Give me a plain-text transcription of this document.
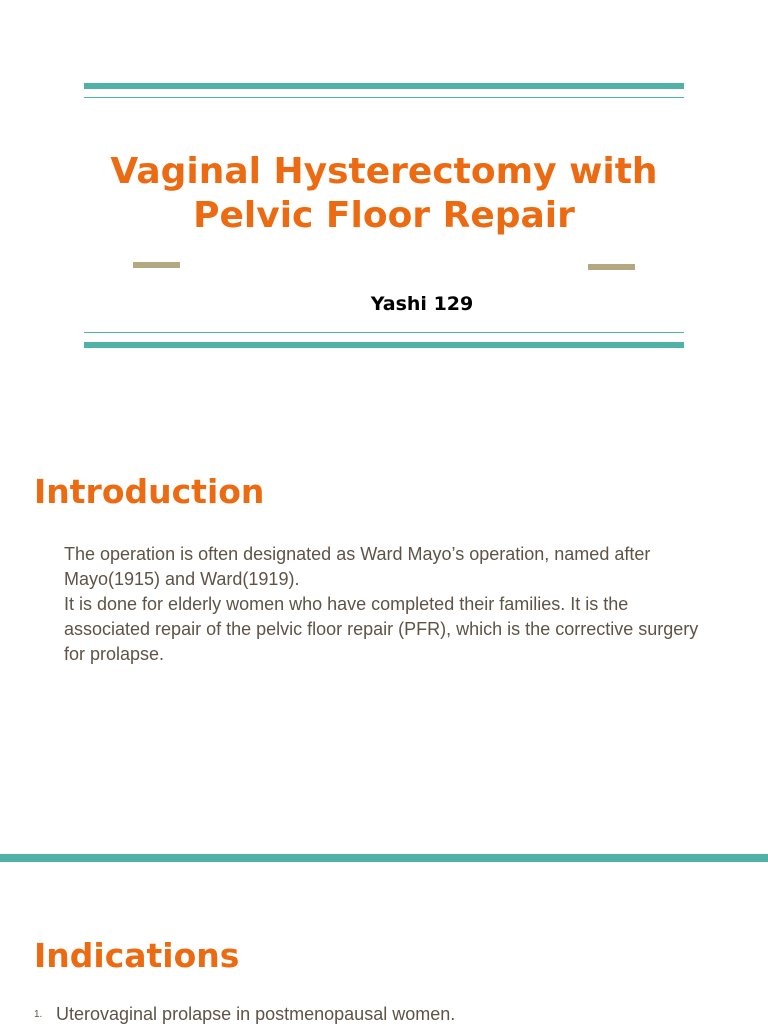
Vaginal Hysterectomy with
Pelvic Floor Repair
Yashi 129
Introduction

The operation is often designated as Ward Mayo’s operation, named after Mayo(1915) and Ward(1919).

It is done for elderly women who have completed their families. It is the associated repair of the pelvic floor repair (PFR), which is the corrective surgery for prolapse.

Indications
1. Uterovaginal prolapse in postmenopausal women.
